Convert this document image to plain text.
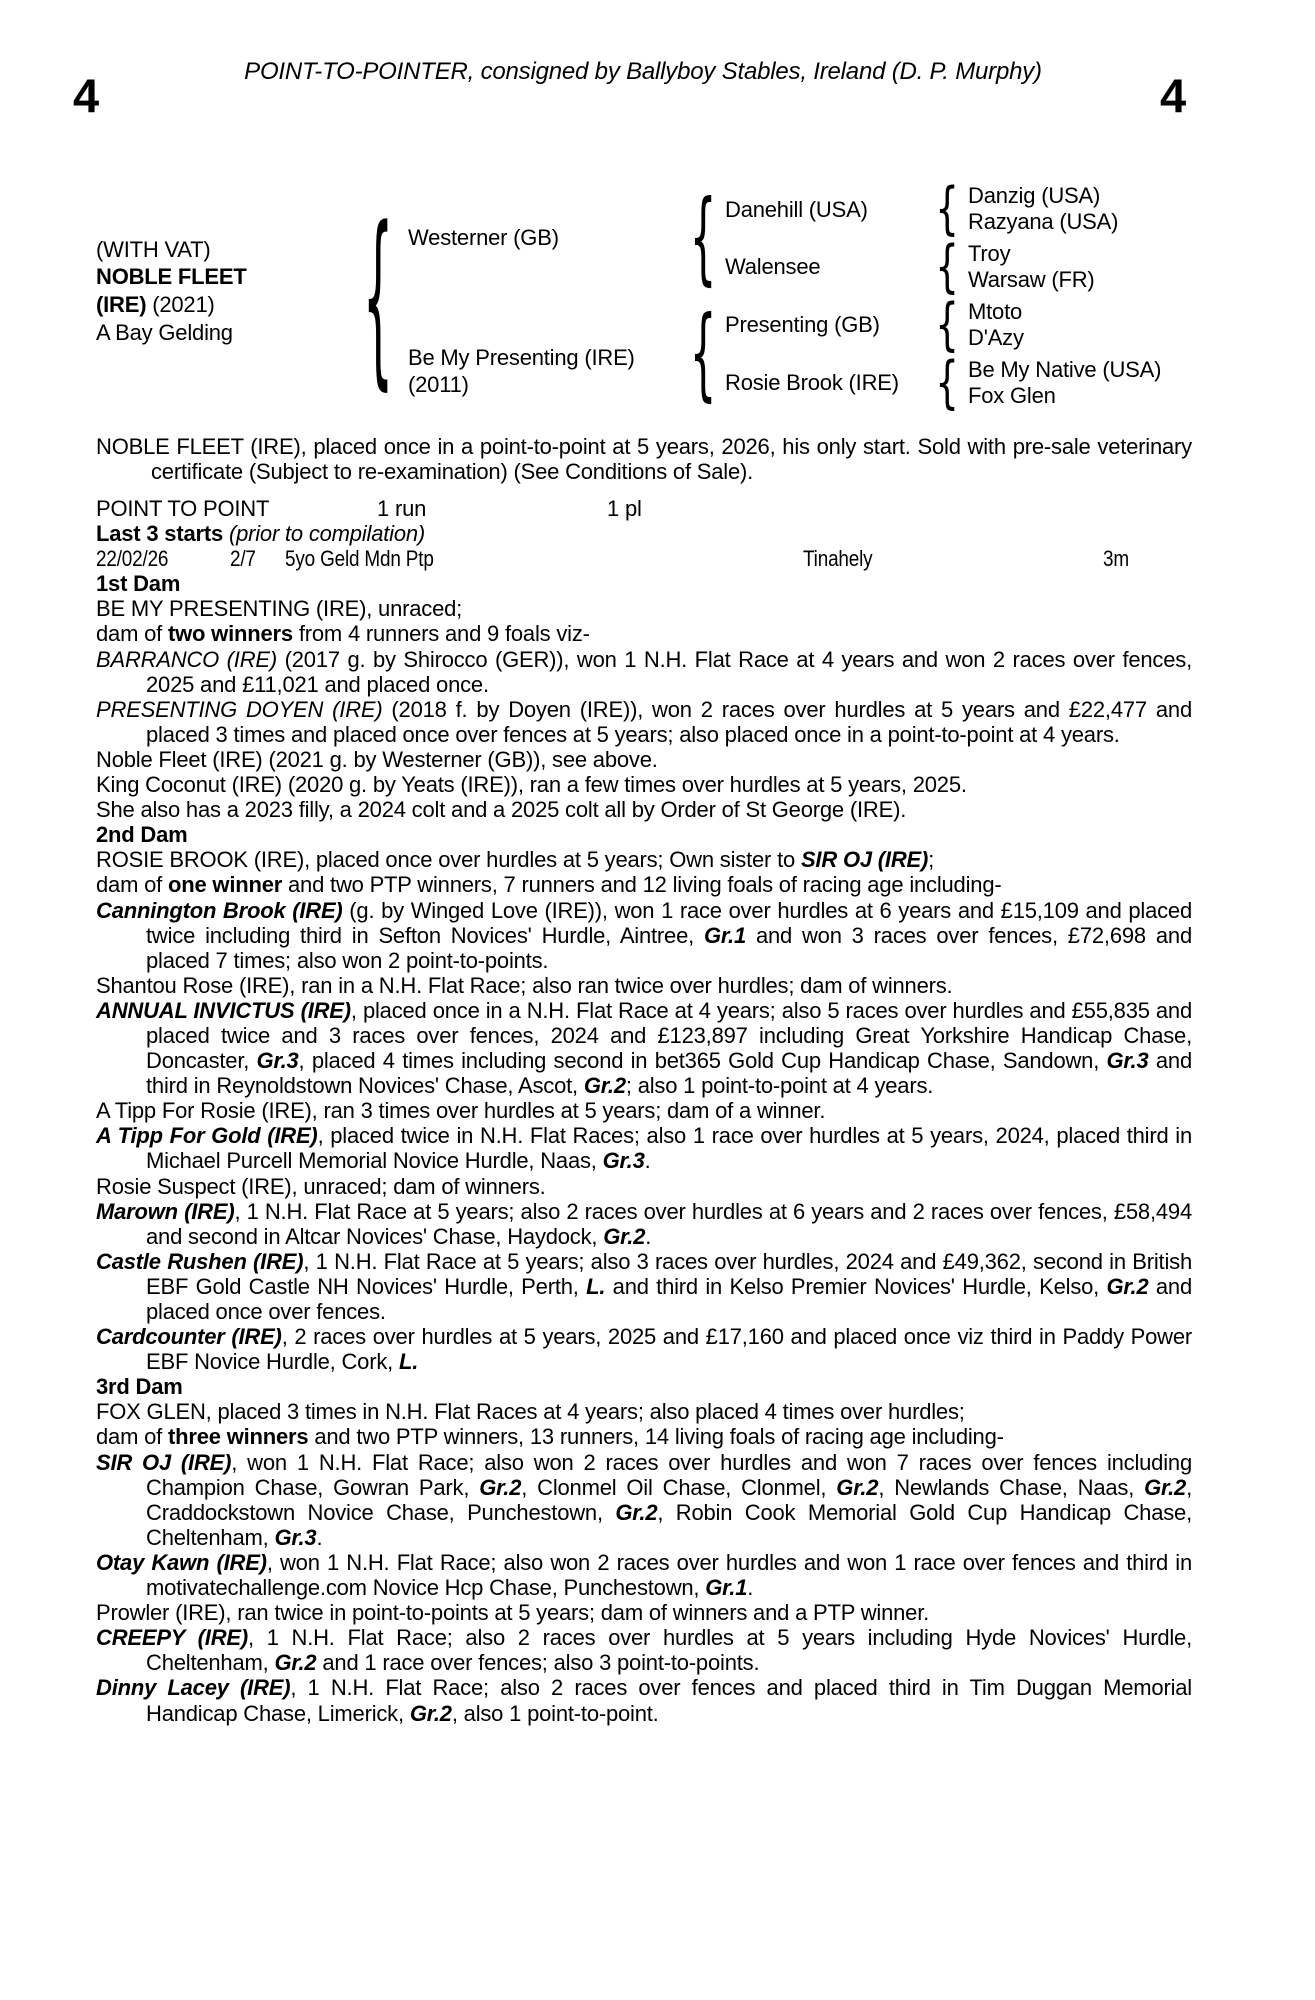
POINT-TO-POINTER, consigned by Ballyboy Stables, Ireland (D. P. Murphy)
4	4
(WITH VAT)
NOBLE FLEET
(IRE) (2021)
A Bay Gelding
{
{
{
{
{
{
{
Westerner (GB)
Be My Presenting (IRE)
(2011)
Danehill (USA)
Walensee
Presenting (GB)
Rosie Brook (IRE)
Danzig (USA)
Razyana (USA)
Troy
Warsaw (FR)
Mtoto
D'Azy
Be My Native (USA)
Fox Glen

NOBLE FLEET (IRE), placed once in a point-to-point at 5 years, 2026, his only start. Sold with pre-sale veterinary certificate (Subject to re-examination) (See Conditions of Sale).

POINT TO POINT	1 run	1 pl

Last 3 starts (prior to compilation)

22/02/26	2/7 5yo Geld Mdn Ptp	Tinahely	3m

1st Dam

BE MY PRESENTING (IRE), unraced;

dam of two winners from 4 runners and 9 foals viz-

BARRANCO (IRE) (2017 g. by Shirocco (GER)), won 1 N.H. Flat Race at 4 years and won 2 races over fences, 2025 and £11,021 and placed once.

PRESENTING DOYEN (IRE) (2018 f. by Doyen (IRE)), won 2 races over hurdles at 5 years and £22,477 and placed 3 times and placed once over fences at 5 years; also placed once in a point-to-point at 4 years.

Noble Fleet (IRE) (2021 g. by Westerner (GB)), see above.

King Coconut (IRE) (2020 g. by Yeats (IRE)), ran a few times over hurdles at 5 years, 2025.

She also has a 2023 filly, a 2024 colt and a 2025 colt all by Order of St George (IRE).

2nd Dam

ROSIE BROOK (IRE), placed once over hurdles at 5 years; Own sister to SIR OJ (IRE);

dam of one winner and two PTP winners, 7 runners and 12 living foals of racing age including-

Cannington Brook (IRE) (g. by Winged Love (IRE)), won 1 race over hurdles at 6 years and £15,109 and placed twice including third in Sefton Novices' Hurdle, Aintree, Gr.1 and won 3 races over fences, £72,698 and placed 7 times; also won 2 point-to-points.

Shantou Rose (IRE), ran in a N.H. Flat Race; also ran twice over hurdles; dam of winners.

ANNUAL INVICTUS (IRE), placed once in a N.H. Flat Race at 4 years; also 5 races over hurdles and £55,835 and placed twice and 3 races over fences, 2024 and £123,897 including Great Yorkshire Handicap Chase, Doncaster, Gr.3, placed 4 times including second in bet365 Gold Cup Handicap Chase, Sandown, Gr.3 and third in Reynoldstown Novices' Chase, Ascot, Gr.2; also 1 point-to-point at 4 years.

A Tipp For Rosie (IRE), ran 3 times over hurdles at 5 years; dam of a winner.

A Tipp For Gold (IRE), placed twice in N.H. Flat Races; also 1 race over hurdles at 5 years, 2024, placed third in Michael Purcell Memorial Novice Hurdle, Naas, Gr.3.

Rosie Suspect (IRE), unraced; dam of winners.

Marown (IRE), 1 N.H. Flat Race at 5 years; also 2 races over hurdles at 6 years and 2 races over fences, £58,494 and second in Altcar Novices' Chase, Haydock, Gr.2.

Castle Rushen (IRE), 1 N.H. Flat Race at 5 years; also 3 races over hurdles, 2024 and £49,362, second in British EBF Gold Castle NH Novices' Hurdle, Perth, L. and third in Kelso Premier Novices' Hurdle, Kelso, Gr.2 and placed once over fences.

Cardcounter (IRE), 2 races over hurdles at 5 years, 2025 and £17,160 and placed once viz third in Paddy Power EBF Novice Hurdle, Cork, L.

3rd Dam

FOX GLEN, placed 3 times in N.H. Flat Races at 4 years; also placed 4 times over hurdles;

dam of three winners and two PTP winners, 13 runners, 14 living foals of racing age including-

SIR OJ (IRE), won 1 N.H. Flat Race; also won 2 races over hurdles and won 7 races over fences including Champion Chase, Gowran Park, Gr.2, Clonmel Oil Chase, Clonmel, Gr.2, Newlands Chase, Naas, Gr.2, Craddockstown Novice Chase, Punchestown, Gr.2, Robin Cook Memorial Gold Cup Handicap Chase, Cheltenham, Gr.3.

Otay Kawn (IRE), won 1 N.H. Flat Race; also won 2 races over hurdles and won 1 race over fences and third in motivatechallenge.com Novice Hcp Chase, Punchestown, Gr.1.

Prowler (IRE), ran twice in point-to-points at 5 years; dam of winners and a PTP winner.

CREEPY (IRE), 1 N.H. Flat Race; also 2 races over hurdles at 5 years including Hyde Novices' Hurdle, Cheltenham, Gr.2 and 1 race over fences; also 3 point-to-points.

Dinny Lacey (IRE), 1 N.H. Flat Race; also 2 races over fences and placed third in Tim Duggan Memorial Handicap Chase, Limerick, Gr.2, also 1 point-to-point.
